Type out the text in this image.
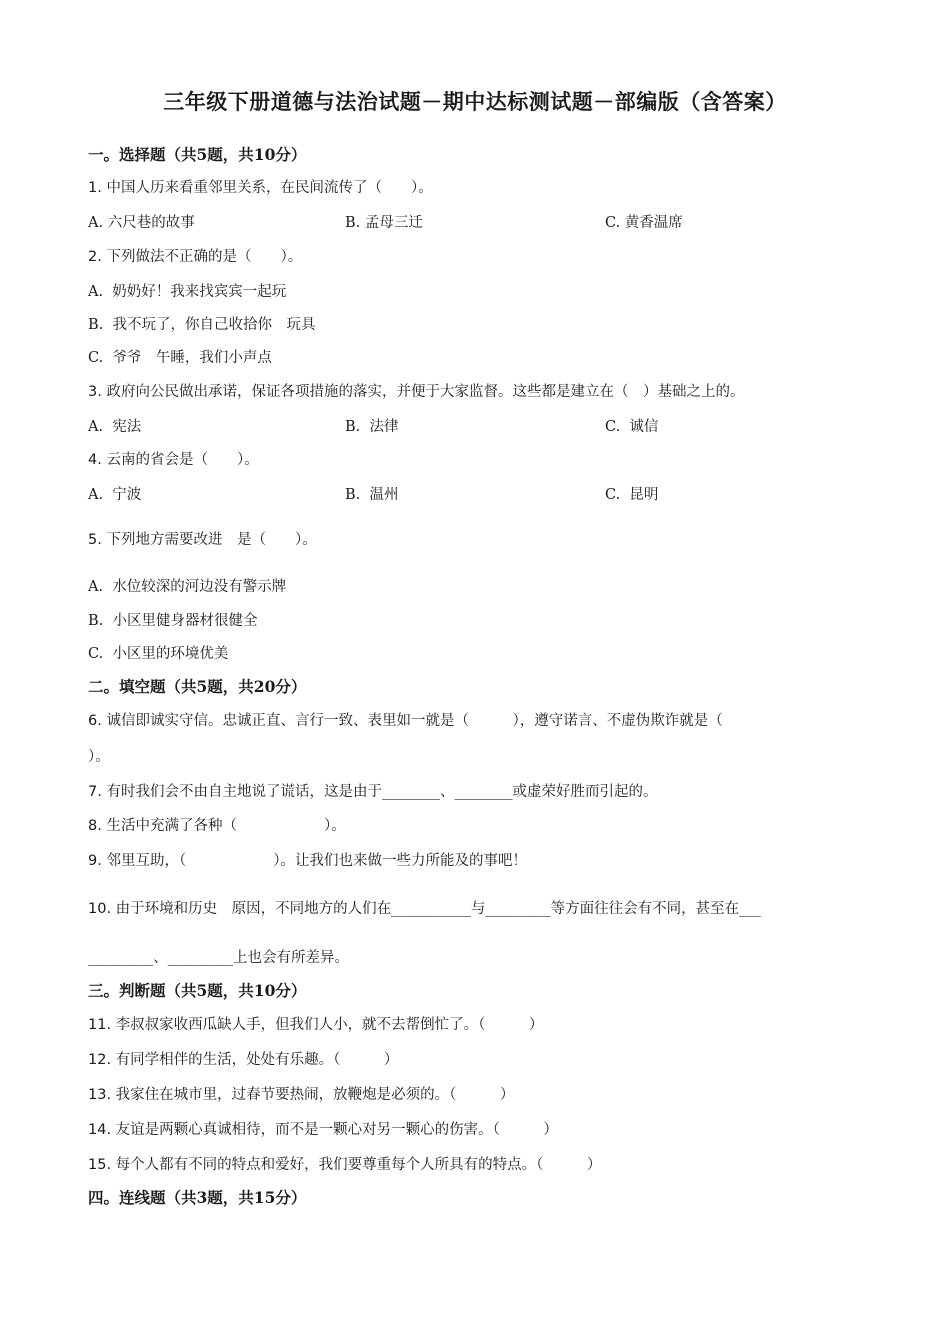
三年级下册道德与法治试题－期中达标测试题－部编版（含答案）
一。选择题（共5题，共10分）
1. 中国人历来看重邻里关系，在民间流传了（　　）。
A. 六尺巷的故事	B. 孟母三迁	C. 黄香温席
2. 下列做法不正确的是（　　）。
A.  奶奶好！我来找宾宾一起玩
B.  我不玩了，你自己收拾你　玩具
C.  爷爷　午睡，我们小声点
3. 政府向公民做出承诺，保证各项措施的落实，并便于大家监督。这些都是建立在（　）基础之上的。
A.  宪法	B.  法律	C.  诚信
4. 云南的省会是（　　）。
A.  宁波	B.  温州	C.  昆明
5. 下列地方需要改进　是（　　）。
A.  水位较深的河边没有警示牌
B.  小区里健身器材很健全
C.  小区里的环境优美
二。填空题（共5题，共20分）
6. 诚信即诚实守信。忠诚正直、言行一致、表里如一就是（　　　），遵守诺言、不虚伪欺诈就是（
）。
7. 有时我们会不由自主地说了谎话，这是由于________、________或虚荣好胜而引起的。
8. 生活中充满了各种（　　　　　　）。
9. 邻里互助，（　　　　　　）。让我们也来做一些力所能及的事吧！
10. 由于环境和历史　原因，不同地方的人们在___________与_________等方面往往会有不同，甚至在___
_________、_________上也会有所差异。
三。判断题（共5题，共10分）
11. 李叔叔家收西瓜缺人手，但我们人小，就不去帮倒忙了。（　　　）
12. 有同学相伴的生活，处处有乐趣。（　　　）
13. 我家住在城市里，过春节要热闹，放鞭炮是必须的。（　　　）
14. 友谊是两颗心真诚相待，而不是一颗心对另一颗心的伤害。（　　　）
15. 每个人都有不同的特点和爱好，我们要尊重每个人所具有的特点。（　　　）
四。连线题（共3题，共15分）
